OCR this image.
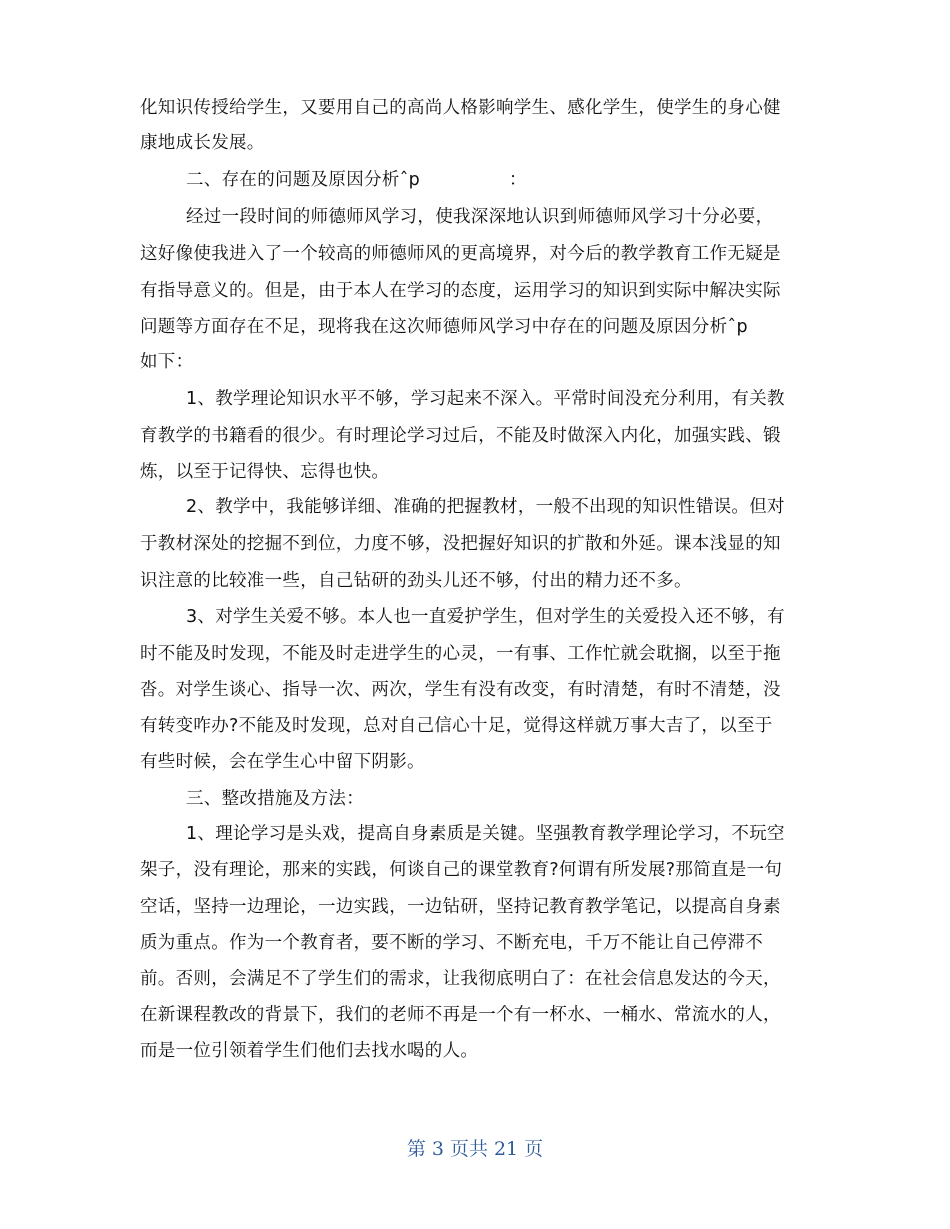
化知识传授给学生，又要用自己的高尚人格影响学生、感化学生，使学生的身心健
康地成长发展。
二、存在的问题及原因分析ˆp　　　　　：
经过一段时间的师德师风学习，使我深深地认识到师德师风学习十分必要，
这好像使我进入了一个较高的师德师风的更高境界，对今后的教学教育工作无疑是
有指导意义的。但是，由于本人在学习的态度，运用学习的知识到实际中解决实际
问题等方面存在不足，现将我在这次师德师风学习中存在的问题及原因分析ˆp
如下：
1、教学理论知识水平不够，学习起来不深入。平常时间没充分利用，有关教
育教学的书籍看的很少。有时理论学习过后，不能及时做深入内化，加强实践、锻
炼，以至于记得快、忘得也快。
2、教学中，我能够详细、准确的把握教材，一般不出现的知识性错误。但对
于教材深处的挖掘不到位，力度不够，没把握好知识的扩散和外延。课本浅显的知
识注意的比较准一些，自己钻研的劲头儿还不够，付出的精力还不多。
3、对学生关爱不够。本人也一直爱护学生，但对学生的关爱投入还不够，有
时不能及时发现，不能及时走进学生的心灵，一有事、工作忙就会耽搁，以至于拖
沓。对学生谈心、指导一次、两次，学生有没有改变，有时清楚，有时不清楚，没
有转变咋办?不能及时发现，总对自己信心十足，觉得这样就万事大吉了，以至于
有些时候，会在学生心中留下阴影。
三、整改措施及方法：
1、理论学习是头戏，提高自身素质是关键。坚强教育教学理论学习，不玩空
架子，没有理论，那来的实践，何谈自己的课堂教育?何谓有所发展?那简直是一句
空话，坚持一边理论，一边实践，一边钻研，坚持记教育教学笔记，以提高自身素
质为重点。作为一个教育者，要不断的学习、不断充电，千万不能让自己停滞不
前。否则，会满足不了学生们的需求，让我彻底明白了：在社会信息发达的今天，
在新课程教改的背景下，我们的老师不再是一个有一杯水、一桶水、常流水的人，
而是一位引领着学生们他们去找水喝的人。
第 3 页共 21 页
